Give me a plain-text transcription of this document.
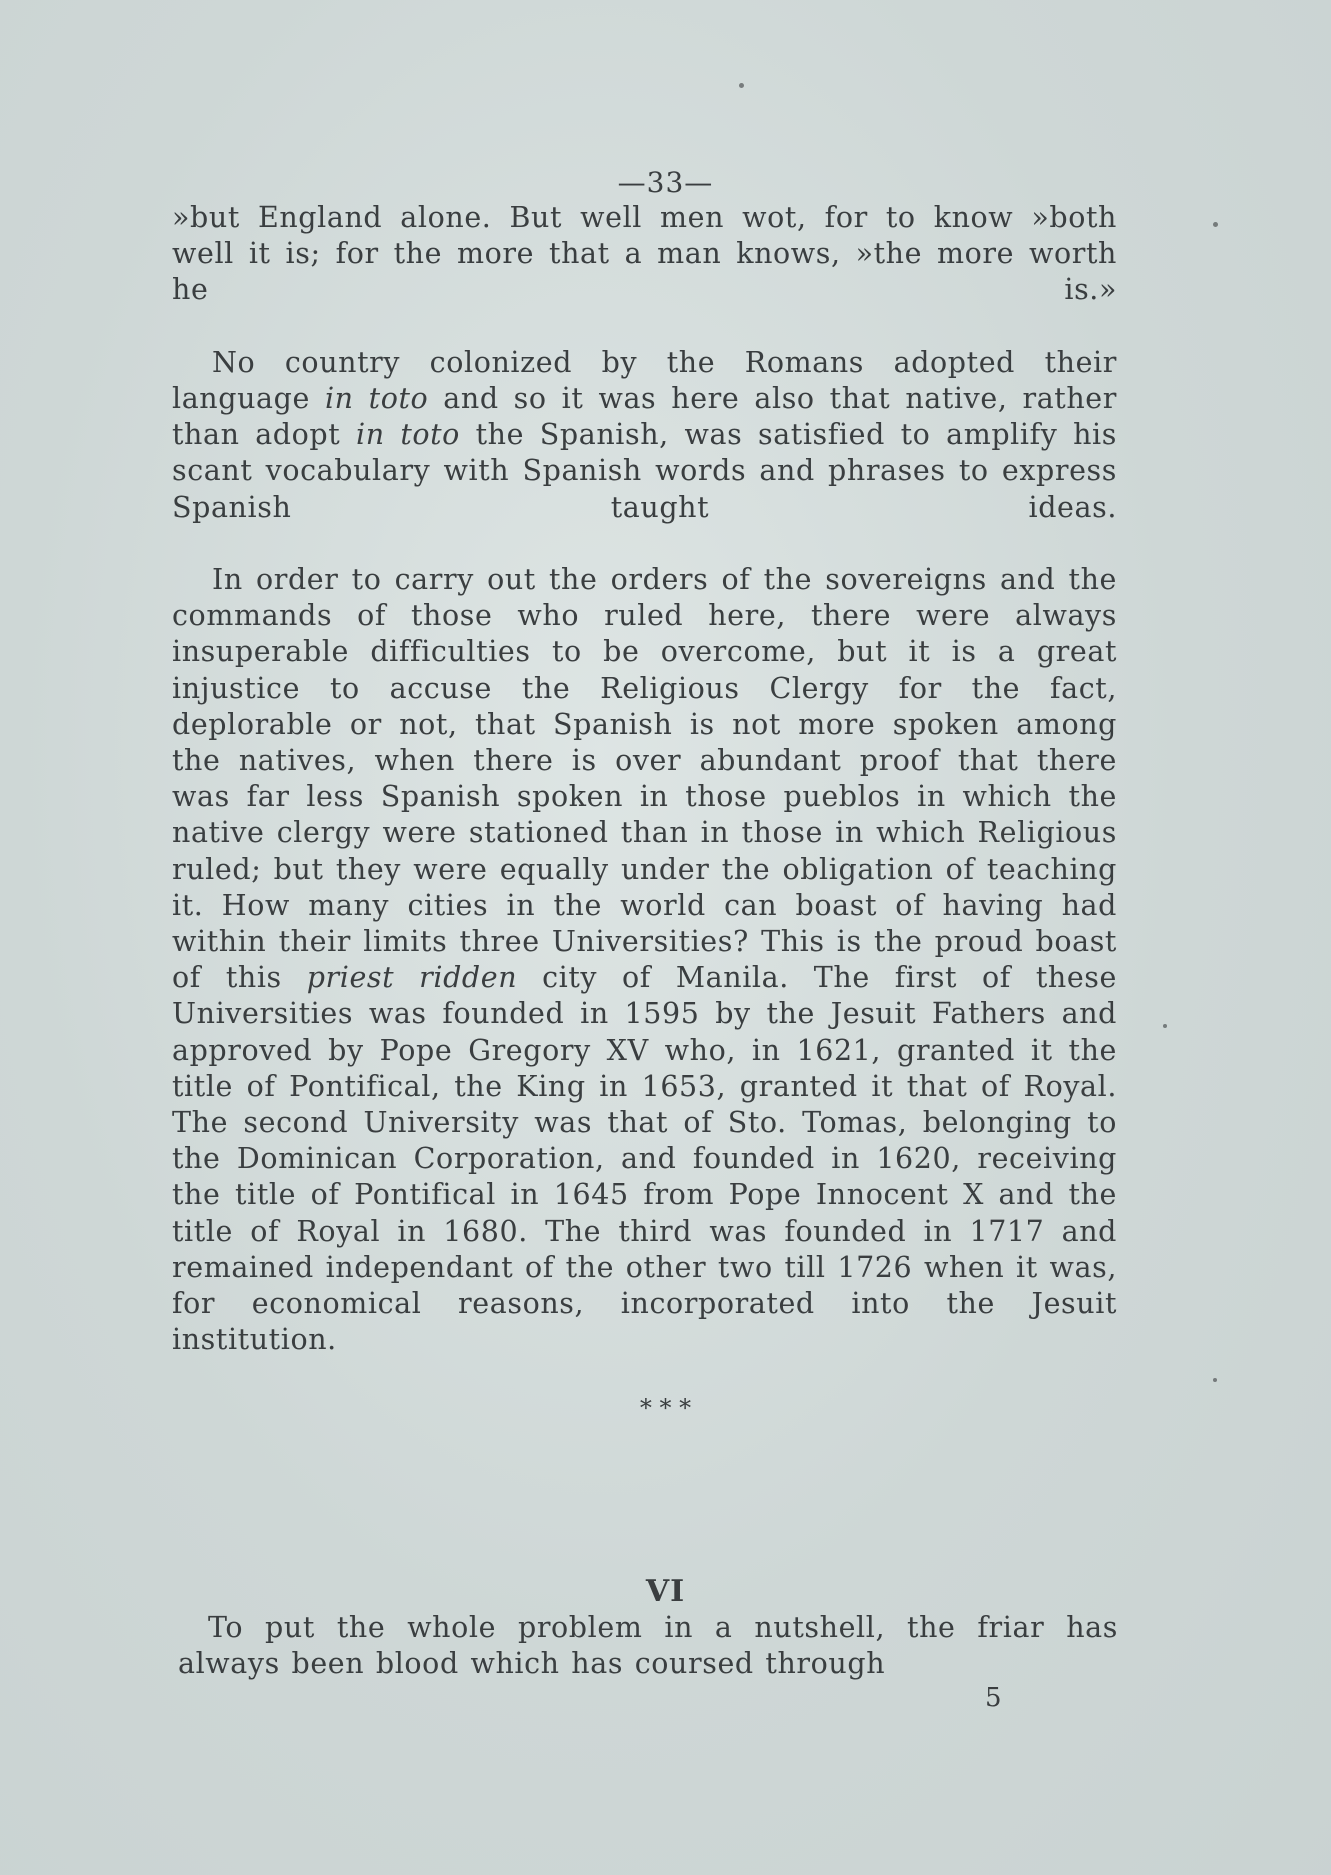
—33—

»but England alone. But well men wot, for to know »both well it is; for the more that a man knows, »the more worth he is.»

No country colonized by the Romans adopted their language in toto and so it was here also that native, rather than adopt in toto the Spanish, was satisfied to amplify his scant vocabulary with Spanish words and phrases to express Spanish taught ideas.

In order to carry out the orders of the sovereigns and the commands of those who ruled here, there were always insuperable difficulties to be overcome, but it is a great injustice to accuse the Religious Clergy for the fact, deplorable or not, that Spanish is not more spoken among the natives, when there is over abundant proof that there was far less Spanish spoken in those pueblos in which the native clergy were stationed than in those in which Religious ruled; but they were equally under the obligation of teaching it. How many cities in the world can boast of having had within their limits three Universities? This is the proud boast of this priest ridden city of Manila. The first of these Universities was founded in 1595 by the Jesuit Fathers and approved by Pope Gregory XV who, in 1621, granted it the title of Pontifical, the King in 1653, granted it that of Royal. The second University was that of Sto. Tomas, belonging to the Dominican Corporation, and founded in 1620, receiving the title of Pontifical in 1645 from Pope Innocent X and the title of Royal in 1680. The third was founded in 1717 and remained independant of the other two till 1726 when it was, for economical reasons, incorporated into the Jesuit institution.

* * *
VI

To put the whole problem in a nutshell, the friar has always been blood which has coursed through

5
